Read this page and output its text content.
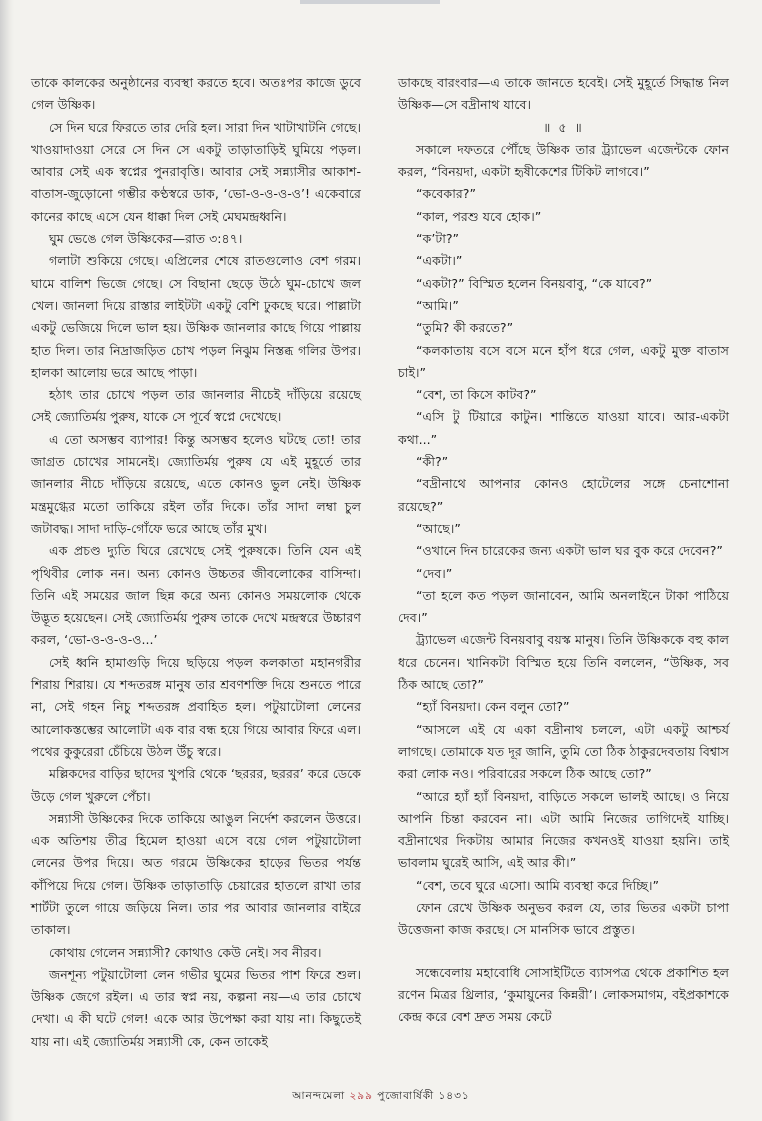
তাকে কালকের অনুষ্ঠানের ব্যবস্থা করতে হবে। অতঃপর কাজে ডুবে গেল উষ্ণিক।

সে দিন ঘরে ফিরতে তার দেরি হল। সারা দিন খাটাখাটনি গেছে। খাওয়াদাওয়া সেরে সে দিন সে একটু তাড়াতাড়িই ঘুমিয়ে পড়ল। আবার সেই এক স্বপ্নের পুনরাবৃত্তি। আবার সেই সন্ন্যাসীর আকাশ-বাতাস-জুড়োনো গম্ভীর কণ্ঠস্বরে ডাক, ‘ভো-ও-ও-ও-ও’! একেবারে কানের কাছে এসে যেন ধাক্কা দিল সেই মেঘমন্দ্রধ্বনি।

ঘুম ভেঙে গেল উষ্ণিকের—রাত ৩:৪৭।

গলাটা শুকিয়ে গেছে। এপ্রিলের শেষে রাতগুলোও বেশ গরম। ঘামে বালিশ ভিজে গেছে। সে বিছানা ছেড়ে উঠে ঘুম-চোখে জল খেল। জানলা দিয়ে রাস্তার লাইটটা একটু বেশি ঢুকছে ঘরে। পাল্লাটা একটু ভেজিয়ে দিলে ভাল হয়। উষ্ণিক জানলার কাছে গিয়ে পাল্লায় হাত দিল। তার নিদ্রাজড়িত চোখ পড়ল নিঝুম নিস্তব্ধ গলির উপর। হালকা আলোয় ভরে আছে পাড়া।

হঠাৎ তার চোখে পড়ল তার জানলার নীচেই দাঁড়িয়ে রয়েছে সেই জ্যোতির্ময় পুরুষ, যাকে সে পূর্বে স্বপ্নে দেখেছে।

এ তো অসম্ভব ব্যাপার! কিন্তু অসম্ভব হলেও ঘটছে তো! তার জাগ্রত চোখের সামনেই। জ্যোতির্ময় পুরুষ যে এই মুহূর্তে তার জানলার নীচে দাঁড়িয়ে রয়েছে, এতে কোনও ভুল নেই। উষ্ণিক মন্ত্রমুগ্ধের মতো তাকিয়ে রইল তাঁর দিকে। তাঁর সাদা লম্বা চুল জটাবদ্ধ। সাদা দাড়ি-গোঁফে ভরে আছে তাঁর মুখ।

এক প্রচণ্ড দ্যুতি ঘিরে রেখেছে সেই পুরুষকে। তিনি যেন এই পৃথিবীর লোক নন। অন্য কোনও উচ্চতর জীবলোকের বাসিন্দা। তিনি এই সময়ের জাল ছিন্ন করে অন্য কোনও সময়লোক থেকে উদ্ভূত হয়েছেন। সেই জ্যোতির্ময় পুরুষ তাকে দেখে মন্দ্রস্বরে উচ্চারণ করল, ‘ভো-ও-ও-ও-ও...’

সেই ধ্বনি হামাগুড়ি দিয়ে ছড়িয়ে পড়ল কলকাতা মহানগরীর শিরায় শিরায়। যে শব্দতরঙ্গ মানুষ তার শ্রবণশক্তি দিয়ে শুনতে পারে না, সেই গহন নিচু শব্দতরঙ্গ প্রবাহিত হল। পটুয়াটোলা লেনের আলোকস্তম্ভের আলোটা এক বার বন্ধ হয়ে গিয়ে আবার ফিরে এল। পথের কুকুরেরা চেঁচিয়ে উঠল উঁচু স্বরে।

মল্লিকদের বাড়ির ছাদের খুপরি থেকে ‘ছররর, ছররর’ করে ডেকে উড়ে গেল খুরুলে পেঁচা।

সন্ন্যাসী উষ্ণিকের দিকে তাকিয়ে আঙুল নির্দেশ করলেন উত্তরে। এক অতিশয় তীব্র হিমেল হাওয়া এসে বয়ে গেল পটুয়াটোলা লেনের উপর দিয়ে। অত গরমে উষ্ণিকের হাড়ের ভিতর পর্যন্ত কাঁপিয়ে দিয়ে গেল। উষ্ণিক তাড়াতাড়ি চেয়ারের হাতলে রাখা তার শার্টটা তুলে গায়ে জড়িয়ে নিল। তার পর আবার জানলার বাইরে তাকাল।

কোথায় গেলেন সন্ন্যাসী? কোথাও কেউ নেই। সব নীরব।

জনশূন্য পটুয়াটোলা লেন গভীর ঘুমের ভিতর পাশ ফিরে শুল। উষ্ণিক জেগে রইল। এ তার স্বপ্ন নয়, কল্পনা নয়—এ তার চোখে দেখা। এ কী ঘটে গেল! একে আর উপেক্ষা করা যায় না। কিছুতেই যায় না। এই জ্যোতির্ময় সন্ন্যাসী কে, কেন তাকেই

ডাকছে বারংবার—এ তাকে জানতে হবেই। সেই মুহূর্তে সিদ্ধান্ত নিল উষ্ণিক—সে বদ্রীনাথ যাবে।

॥ ৫ ॥

সকালে দফতরে পৌঁছে উষ্ণিক তার ট্র্যাভেল এজেন্টকে ফোন করল, “বিনয়দা, একটা হৃষীকেশের টিকিট লাগবে।”

“কবেকার?”

“কাল, পরশু যবে হোক।”

“ক’টা?”

“একটা।”

“একটা?” বিস্মিত হলেন বিনয়বাবু, “কে যাবে?”

“আমি।”

“তুমি? কী করতে?”

“কলকাতায় বসে বসে মনে হাঁপ ধরে গেল, একটু মুক্ত বাতাস চাই।”

“বেশ, তা কিসে কাটব?”

“এসি টু টিয়ারে কাটুন। শান্তিতে যাওয়া যাবে। আর-একটা কথা...”

“কী?”

“বদ্রীনাথে আপনার কোনও হোটেলের সঙ্গে চেনাশোনা রয়েছে?”

“আছে।”

“ওখানে দিন চারেকের জন্য একটা ভাল ঘর বুক করে দেবেন?”

“দেব।”

“তা হলে কত পড়ল জানাবেন, আমি অনলাইনে টাকা পাঠিয়ে দেব।”

ট্র্যাভেল এজেন্ট বিনয়বাবু বয়স্ক মানুষ। তিনি উষ্ণিককে বহু কাল ধরে চেনেন। খানিকটা বিস্মিত হয়ে তিনি বললেন, “উষ্ণিক, সব ঠিক আছে তো?”

“হ্যাঁ বিনয়দা। কেন বলুন তো?”

“আসলে এই যে একা বদ্রীনাথ চললে, এটা একটু আশ্চর্য লাগছে। তোমাকে যত দূর জানি, তুমি তো ঠিক ঠাকুরদেবতায় বিশ্বাস করা লোক নও। পরিবারের সকলে ঠিক আছে তো?”

“আরে হ্যাঁ হ্যাঁ বিনয়দা, বাড়িতে সকলে ভালই আছে। ও নিয়ে আপনি চিন্তা করবেন না। এটা আমি নিজের তাগিদেই যাচ্ছি। বদ্রীনাথের দিকটায় আমার নিজের কখনওই যাওয়া হয়নি। তাই ভাবলাম ঘুরেই আসি, এই আর কী।”

“বেশ, তবে ঘুরে এসো। আমি ব্যবস্থা করে দিচ্ছি।”

ফোন রেখে উষ্ণিক অনুভব করল যে, তার ভিতর একটা চাপা উত্তেজনা কাজ করছে। সে মানসিক ভাবে প্রস্তুত।

সন্ধেবেলায় মহাবোধি সোসাইটিতে ব্যাসপত্র থেকে প্রকাশিত হল রণেন মিত্রর থ্রিলার, ‘কুমায়ুনের কিন্নরী’। লোকসমাগম, বইপ্রকাশকে কেন্দ্র করে বেশ দ্রুত সময় কেটে

আনন্দমেলা ২৯৯ পুজোবার্ষিকী ১৪৩১
